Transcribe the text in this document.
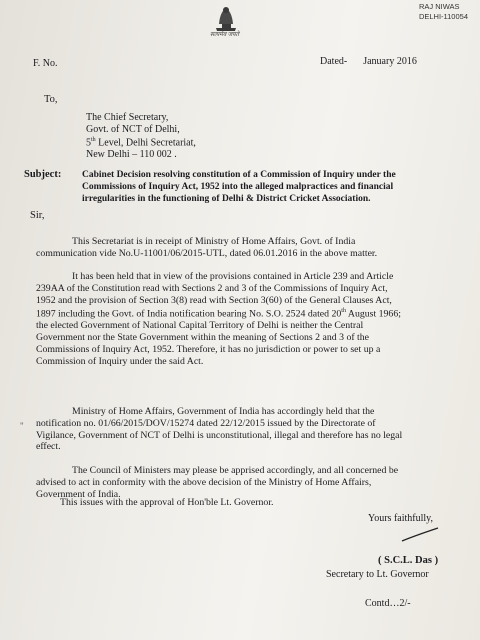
सत्यमेव जयते
RAJ NIWAS
DELHI-110054
F. No.	Dated- January 2016
To,
The Chief Secretary,
Govt. of NCT of Delhi,
5th Level, Delhi Secretariat,
New Delhi – 110 002 .
Subject: Cabinet Decision resolving constitution of a Commission of Inquiry under the
Commissions of Inquiry Act, 1952 into the alleged malpractices and financial
irregularities in the functioning of Delhi & District Cricket Association.
Sir,
This Secretariat is in receipt of Ministry of Home Affairs, Govt. of India
communication vide No.U-11001/06/2015-UTL, dated 06.01.2016 in the above matter.
It has been held that in view of the provisions contained in Article 239 and Article
239AA of the Constitution read with Sections 2 and 3 of the Commissions of Inquiry Act,
1952 and the provision of Section 3(8) read with Section 3(60) of the General Clauses Act,
1897 including the Govt. of India notification bearing No. S.O. 2524 dated 20th August 1966;
the elected Government of National Capital Territory of Delhi is neither the Central
Government nor the State Government within the meaning of Sections 2 and 3 of the
Commissions of Inquiry Act, 1952. Therefore, it has no jurisdiction or power to set up a
Commission of Inquiry under the said Act.
"
Ministry of Home Affairs, Government of India has accordingly held that the
notification no. 01/66/2015/DOV/15274 dated 22/12/2015 issued by the Directorate of
Vigilance, Government of NCT of Delhi is unconstitutional, illegal and therefore has no legal
effect.
The Council of Ministers may please be apprised accordingly, and all concerned be
advised to act in conformity with the above decision of the Ministry of Home Affairs,
Government of India.
This issues with the approval of Hon'ble Lt. Governor.
Yours faithfully,
( S.C.L. Das )
Secretary to Lt. Governor
Contd…2/-
